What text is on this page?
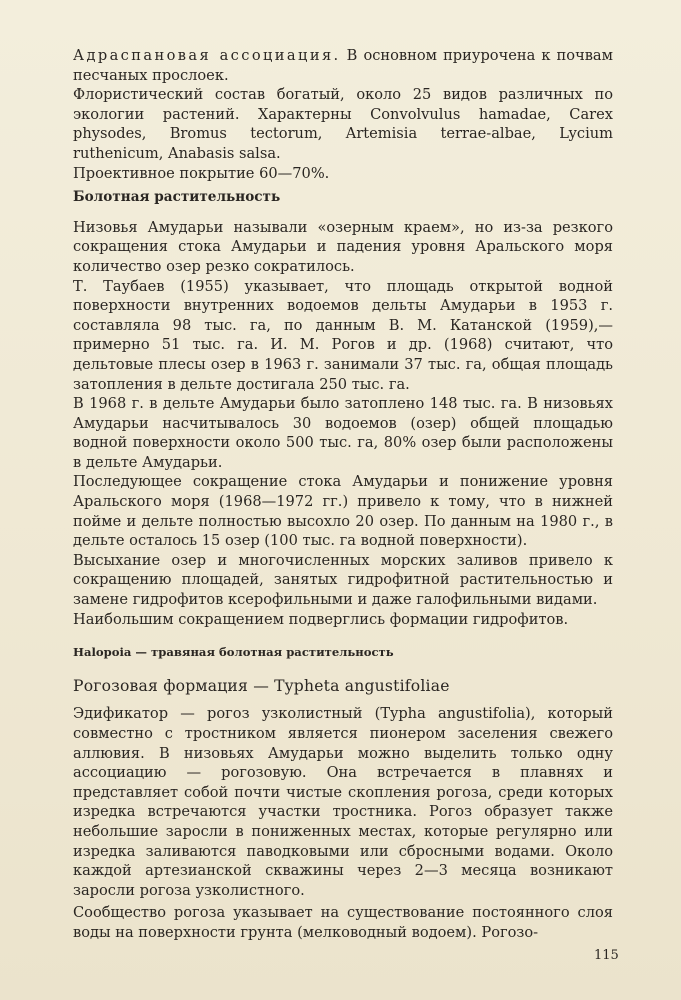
Адраспановая ассоциация. В основном приурочена к почвам песчаных прослоек.

Флористический состав богатый, около 25 видов различных по экологии растений. Характерны Convolvulus hamadae, Carex physodes, Bromus tectorum, Artemisia terrae-albae, Lycium ruthenicum, Anabasis salsa.

Проективное покрытие 60—70%.

Болотная растительность

Низовья Амударьи называли «озерным краем», но из-за резкого сокращения стока Амударьи и падения уровня Аральского моря количество озер резко сократилось.

Т. Таубаев (1955) указывает, что площадь открытой водной поверхности внутренних водоемов дельты Амударьи в 1953 г. составляла 98 тыс. га, по данным В. М. Катанской (1959),— примерно 51 тыс. га. И. М. Рогов и др. (1968) считают, что дельтовые плесы озер в 1963 г. занимали 37 тыс. га, общая площадь затопления в дельте достигала 250 тыс. га.

В 1968 г. в дельте Амударьи было затоплено 148 тыс. га. В низовьях Амударьи насчитывалось 30 водоемов (озер) общей площадью водной поверхности около 500 тыс. га, 80% озер были расположены в дельте Амударьи.

Последующее сокращение стока Амударьи и понижение уровня Аральского моря (1968—1972 гг.) привело к тому, что в нижней пойме и дельте полностью высохло 20 озер. По данным на 1980 г., в дельте осталось 15 озер (100 тыс. га водной поверхности).

Высыхание озер и многочисленных морских заливов привело к сокращению площадей, занятых гидрофитной растительностью и замене гидрофитов ксерофильными и даже галофильными видами.

Наибольшим сокращением подверглись формации гидрофитов.

Halopoia — травяная болотная растительность

Рогозовая формация — Typheta angustifoliae

Эдификатор — рогоз узколистный (Typha angustifolia), который совместно с тростником является пионером заселения свежего аллювия. В низовьях Амударьи можно выделить только одну ассоциацию — рогозовую. Она встречается в плавнях и представляет собой почти чистые скопления рогоза, среди которых изредка встречаются участки тростника. Рогоз образует также небольшие заросли в пониженных местах, которые регулярно или изредка заливаются паводковыми или сбросными водами. Около каждой артезианской скважины через 2—3 месяца возникают заросли рогоза узколистного.

Сообщество рогоза указывает на существование постоянного слоя воды на поверхности грунта (мелководный водоем). Рогозо-

115
